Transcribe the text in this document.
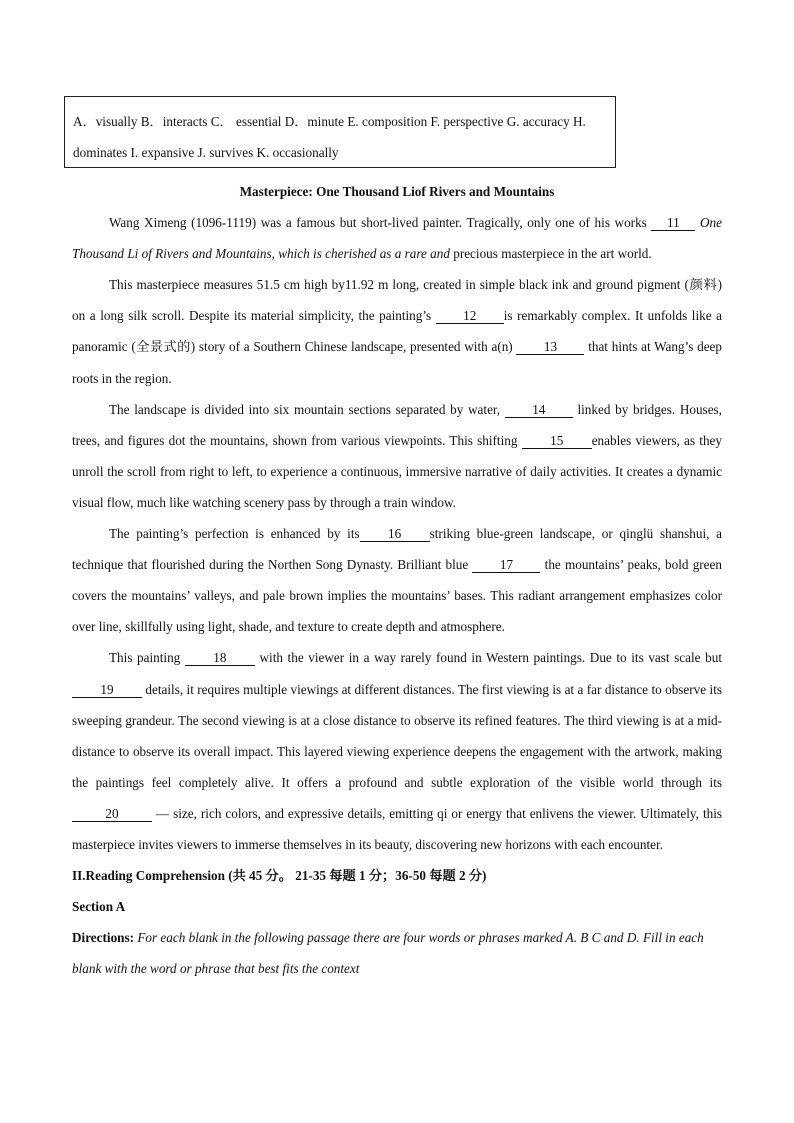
A．visually B．interacts C． essential D．minute E. composition F. perspective G. accuracy H.
dominates I. expansive J. survives K. occasionally

Masterpiece: One Thousand Liof Rivers and Mountains

Wang Ximeng (1096-1119) was a famous but short-lived painter. Tragically, only one of his works 11 One Thousand Li of Rivers and Mountains, which is cherished as a rare and precious masterpiece in the art world.

This masterpiece measures 51.5 cm high by11.92 m long, created in simple black ink and ground pigment (颜料) on a long silk scroll. Despite its material simplicity, the painting’s 12 is remarkably complex. It unfolds like a panoramic (全景式的) story of a Southern Chinese landscape, presented with a(n) 13 that hints at Wang’s deep roots in the region.

The landscape is divided into six mountain sections separated by water, 14 linked by bridges. Houses, trees, and figures dot the mountains, shown from various viewpoints. This shifting 15 enables viewers, as they unroll the scroll from right to left, to experience a continuous, immersive narrative of daily activities. It creates a dynamic visual flow, much like watching scenery pass by through a train window.

The painting’s perfection is enhanced by its 16 striking blue-green landscape, or qinglü shanshui, a technique that flourished during the Northen Song Dynasty. Brilliant blue 17 the mountains’ peaks, bold green covers the mountains’ valleys, and pale brown implies the mountains’ bases. This radiant arrangement emphasizes color over line, skillfully using light, shade, and texture to create depth and atmosphere.

This painting 18 with the viewer in a way rarely found in Western paintings. Due to its vast scale but 19 details, it requires multiple viewings at different distances. The first viewing is at a far distance to observe its sweeping grandeur. The second viewing is at a close distance to observe its refined features. The third viewing is at a mid-distance to observe its overall impact. This layered viewing experience deepens the engagement with the artwork, making the paintings feel completely alive. It offers a profound and subtle exploration of the visible world through its 20	— size, rich colors, and expressive details, emitting qi or energy that enlivens the viewer. Ultimately, this masterpiece invites viewers to immerse themselves in its beauty, discovering new horizons with each encounter.

II.Reading Comprehension (共 45 分。 21-35 每题 1 分；36-50 每题 2 分)

Section A

Directions: For each blank in the following passage there are four words or phrases marked A. B C and D. Fill in each blank with the word or phrase that best fits the context
